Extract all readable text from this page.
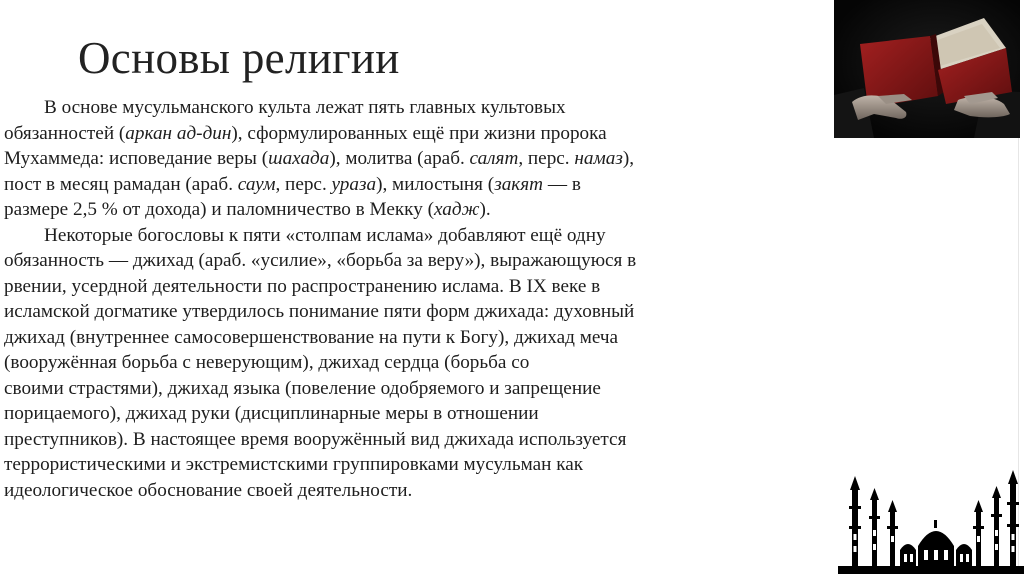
Основы религии

В основе мусульманского культа лежат пять главных культовых
обязанностей (аркан ад-дин), сформулированных ещё при жизни пророка
Мухаммеда: исповедание веры (шахада), молитва (араб. салят, перс. намаз),
пост в месяц рамадан (араб. саум, перс. ураза), милостыня (закят — в
размере 2,5 % от дохода) и паломничество в Мекку (хадж).

Некоторые богословы к пяти «столпам ислама» добавляют ещё одну
обязанность — джихад (араб. «усилие», «борьба за веру»), выражающуюся в
рвении, усердной деятельности по распространению ислама. В IX веке в
исламской догматике утвердилось понимание пяти форм джихада: духовный
джихад (внутреннее самосовершенствование на пути к Богу), джихад меча
(вооружённая борьба с неверующим), джихад сердца (борьба со
своими страстями), джихад языка (повеление одобряемого и запрещение
порицаемого), джихад руки (дисциплинарные меры в отношении
преступников). В настоящее время вооружённый вид джихада используется
террористическими и экстремистскими группировками мусульман как
идеологическое обоснование своей деятельности.
